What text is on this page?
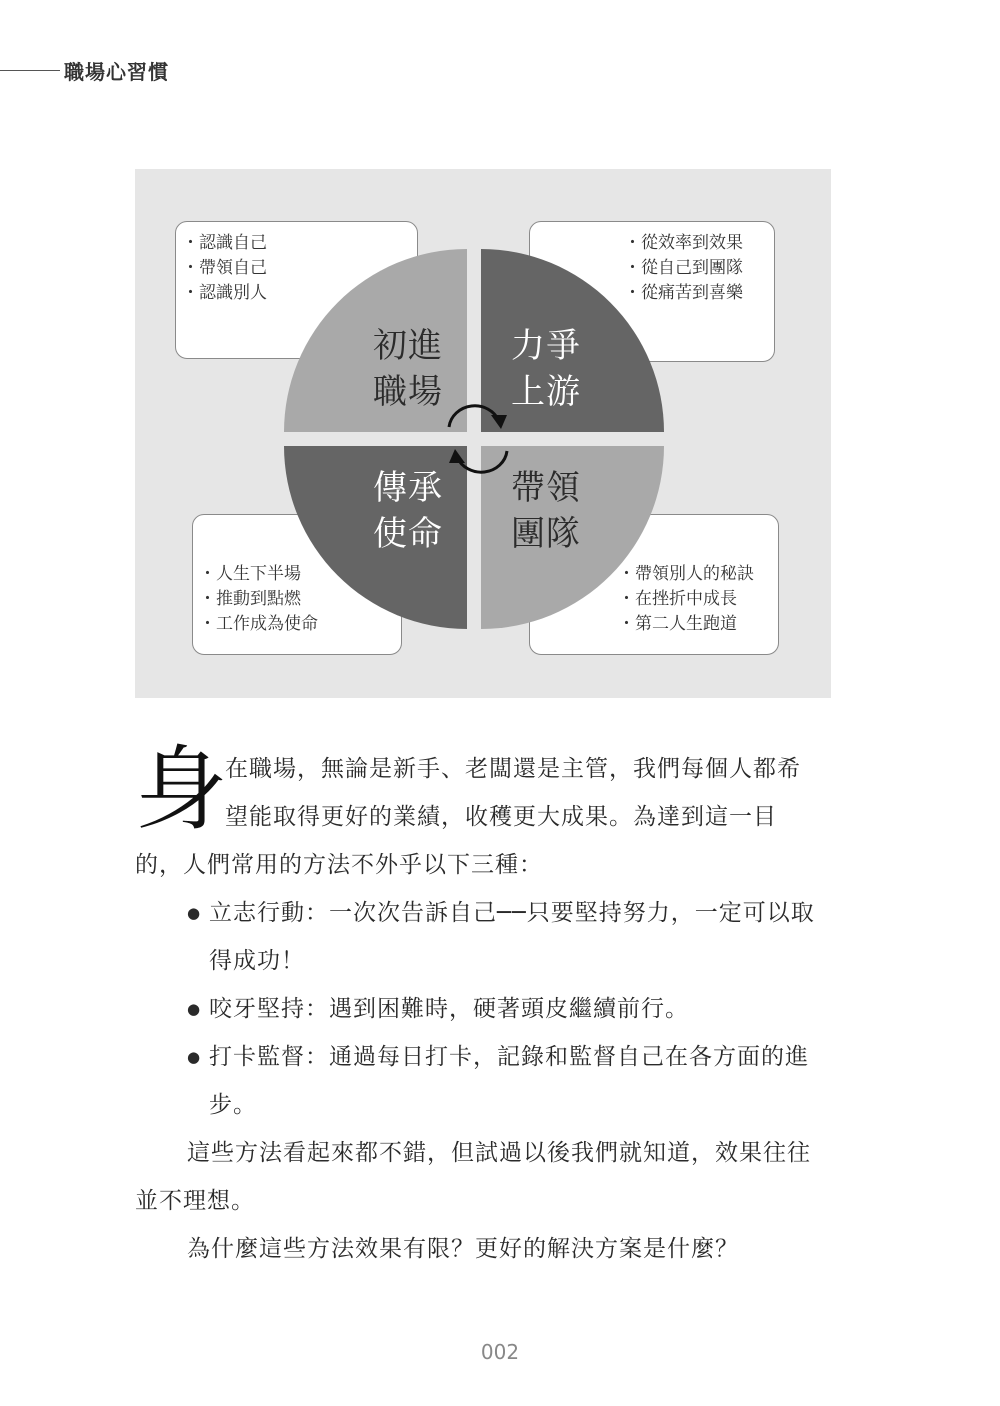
職場心習慣
・ 認識自己
・ 帶領自己
・ 認識別人
・ 從效率到效果
・ 從自己到團隊
・ 從痛苦到喜樂
・ 人生下半場
・ 推動到點燃
・ 工作成為使命
・ 帶領別人的秘訣
・ 在挫折中成長
・ 第二人生跑道
初進
職場
力爭
上游
傳承
使命
帶領
團隊
身
在職場，無論是新手、老闆還是主管，我們每個人都希
望能取得更好的業績，收穫更大成果。為達到這一目
的，人們常用的方法不外乎以下三種：
● 立志行動：一次次告訴自己──只要堅持努力，一定可以取得成功！
● 咬牙堅持：遇到困難時，硬著頭皮繼續前行。
● 打卡監督：通過每日打卡，記錄和監督自己在各方面的進步。
這些方法看起來都不錯，但試過以後我們就知道，效果往往並不理想。
為什麼這些方法效果有限？更好的解決方案是什麼？
002
